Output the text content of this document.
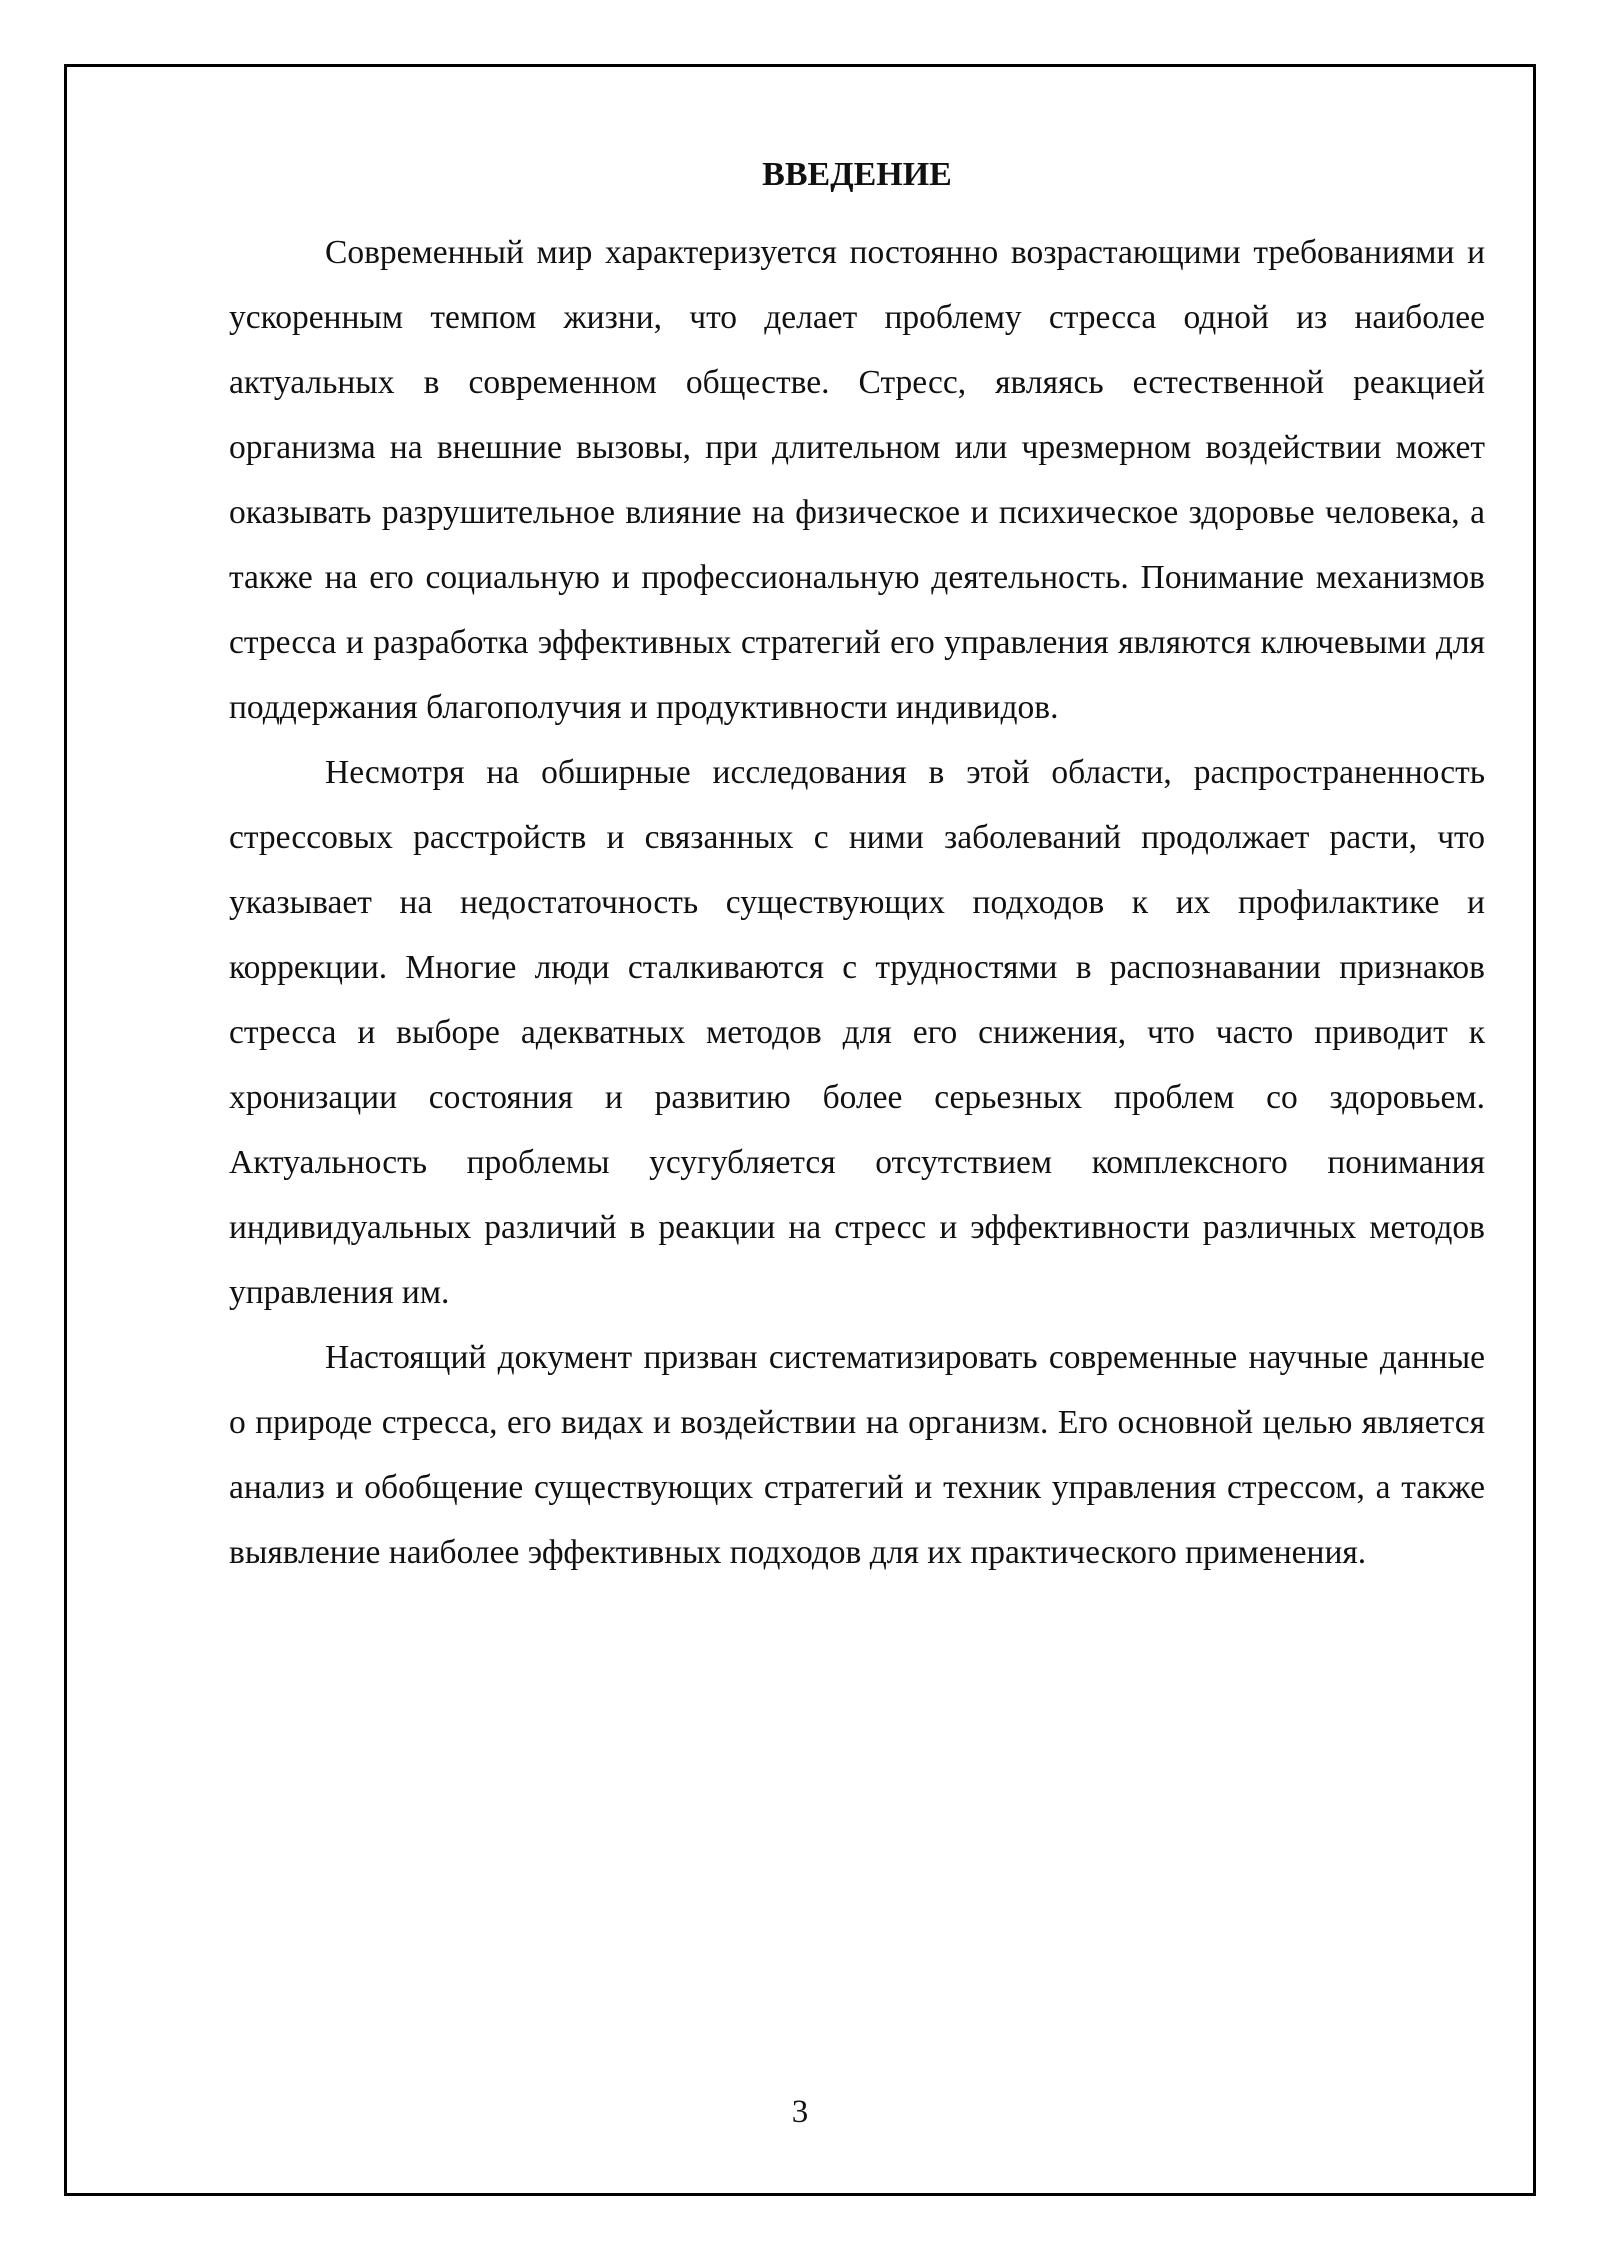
ВВЕДЕНИЕ

Современный мир характеризуется постоянно возрастающими требованиями и ускоренным темпом жизни, что делает проблему стресса одной из наиболее актуальных в современном обществе. Стресс, являясь естественной реакцией организма на внешние вызовы, при длительном или чрезмерном воздействии может оказывать разрушительное влияние на физическое и психическое здоровье человека, а также на его социальную и профессиональную деятельность. Понимание механизмов стресса и разработка эффективных стратегий его управления являются ключевыми для поддержания благополучия и продуктивности индивидов.

Несмотря на обширные исследования в этой области, распространенность стрессовых расстройств и связанных с ними заболеваний продолжает расти, что указывает на недостаточность существующих подходов к их профилактике и коррекции. Многие люди сталкиваются с трудностями в распознавании признаков стресса и выборе адекватных методов для его снижения, что часто приводит к хронизации состояния и развитию более серьезных проблем со здоровьем. Актуальность проблемы усугубляется отсутствием комплексного понимания индивидуальных различий в реакции на стресс и эффективности различных методов управления им.

Настоящий документ призван систематизировать современные научные данные о природе стресса, его видах и воздействии на организм. Его основной целью является анализ и обобщение существующих стратегий и техник управления стрессом, а также выявление наиболее эффективных подходов для их практического применения.

3
